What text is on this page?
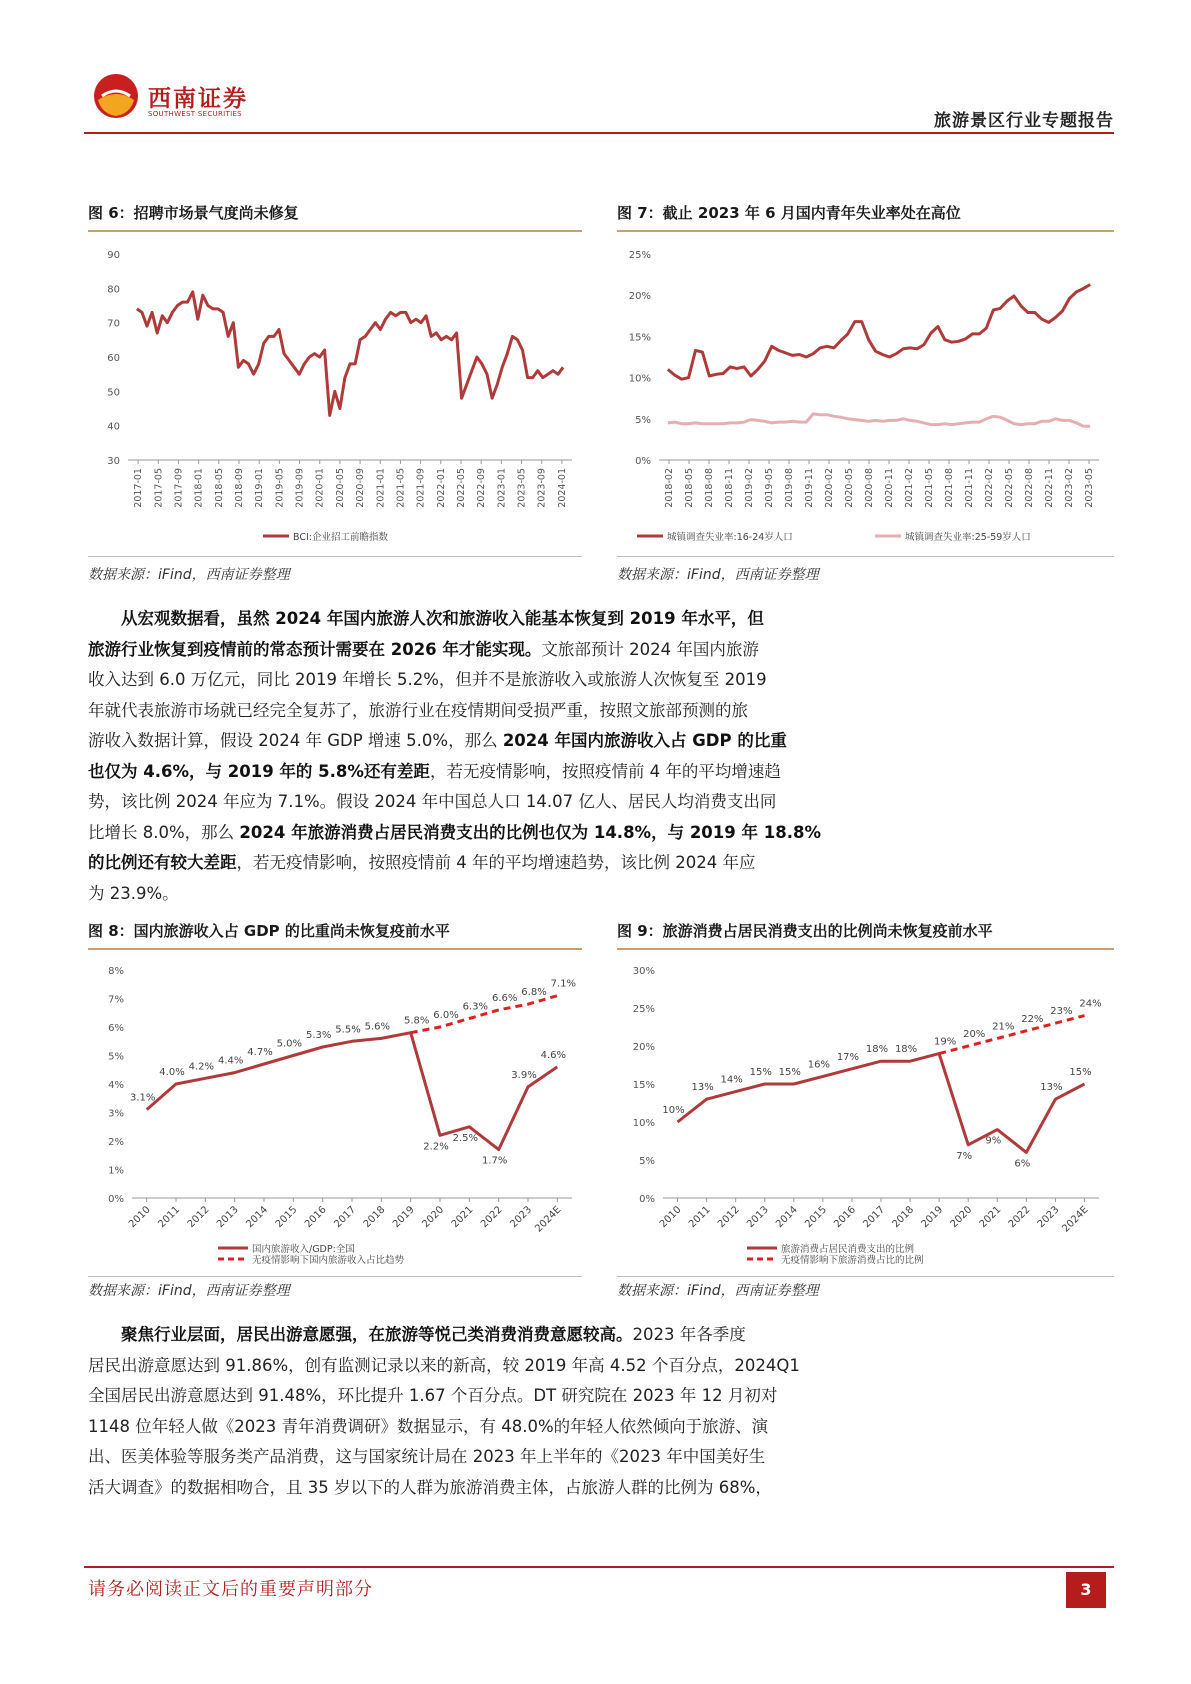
西南证券
SOUTHWEST SECURITIES	旅游景区行业专题报告
图 6：招聘市场景气度尚未修复
30
40
50
60
70
80
90
2017-01 2017-05 2017-09 2018-01 2018-05 2018-09 2019-01 2019-05 2019-09 2020-01 2020-05 2020-09 2021-01 2021-05 2021-09 2022-01 2022-05 2022-09 2023-01 2023-05 2023-09 2024-01
BCI:企业招工前瞻指数
数据来源：iFind，西南证券整理
图 7：截止 2023 年 6 月国内青年失业率处在高位
0%
5%
10%
15%
20%
25%
2018-02 2018-05 2018-08 2018-11 2019-02 2019-05 2019-08 2019-11 2020-02 2020-05 2020-08 2020-11 2021-02 2021-05 2021-08 2021-11 2022-02 2022-05 2022-08 2022-11 2023-02 2023-05
城镇调查失业率:16-24岁人口	城镇调查失业率:25-59岁人口
数据来源：iFind，西南证券整理
从宏观数据看，虽然 2024 年国内旅游人次和旅游收入能基本恢复到 2019 年水平，但
旅游行业恢复到疫情前的常态预计需要在 2026 年才能实现。文旅部预计 2024 年国内旅游
收入达到 6.0 万亿元，同比 2019 年增长 5.2%，但并不是旅游收入或旅游人次恢复至 2019
年就代表旅游市场就已经完全复苏了，旅游行业在疫情期间受损严重，按照文旅部预测的旅
游收入数据计算，假设 2024 年 GDP 增速 5.0%，那么 2024 年国内旅游收入占 GDP 的比重
也仅为 4.6%，与 2019 年的 5.8%还有差距，若无疫情影响，按照疫情前 4 年的平均增速趋
势，该比例 2024 年应为 7.1%。假设 2024 年中国总人口 14.07 亿人、居民人均消费支出同
比增长 8.0%，那么 2024 年旅游消费占居民消费支出的比例也仅为 14.8%，与 2019 年 18.8%
的比例还有较大差距，若无疫情影响，按照疫情前 4 年的平均增速趋势，该比例 2024 年应
为 23.9%。
图 8：国内旅游收入占 GDP 的比重尚未恢复疫前水平
0%
1%
2%
3%
4%
5%
6%
7%
8%
2010 2011 2012 2013 2014 2015 2016 2017 2018 2019 2020 2021 2022 2023 2024E
3.1%
4.0%
4.2%
4.4%
4.7%
5.0%
5.3%
5.5% 5.6%
2.2%
2.5%
1.7%
3.9%
4.6%
5.8%
6.0%
6.3%
6.6%
6.8%
7.1%
国内旅游收入/GDP:全国
无疫情影响下国内旅游收入占比趋势
数据来源：iFind，西南证券整理
图 9：旅游消费占居民消费支出的比例尚未恢复疫前水平
0%
5%
10%
15%
20%
25%
30%
2010 2011 2012 2013 2014 2015 2016 2017 2018 2019 2020 2021 2022 2023
2024E
10%
13%
14%
15% 15%
16%
17%
18% 18%
7%
9%
6%
13%
15%
19%
20%
21%
22%
23%
24%
旅游消费占居民消费支出的比例
无疫情影响下旅游消费占比的比例
数据来源：iFind，西南证券整理
聚焦行业层面，居民出游意愿强，在旅游等悦己类消费消费意愿较高。2023 年各季度
居民出游意愿达到 91.86%，创有监测记录以来的新高，较 2019 年高 4.52 个百分点，2024Q1
全国居民出游意愿达到 91.48%，环比提升 1.67 个百分点。DT 研究院在 2023 年 12 月初对
1148 位年轻人做《2023 青年消费调研》数据显示，有 48.0%的年轻人依然倾向于旅游、演
出、医美体验等服务类产品消费，这与国家统计局在 2023 年上半年的《2023 年中国美好生
活大调查》的数据相吻合，且 35 岁以下的人群为旅游消费主体，占旅游人群的比例为 68%，
请务必阅读正文后的重要声明部分	3
